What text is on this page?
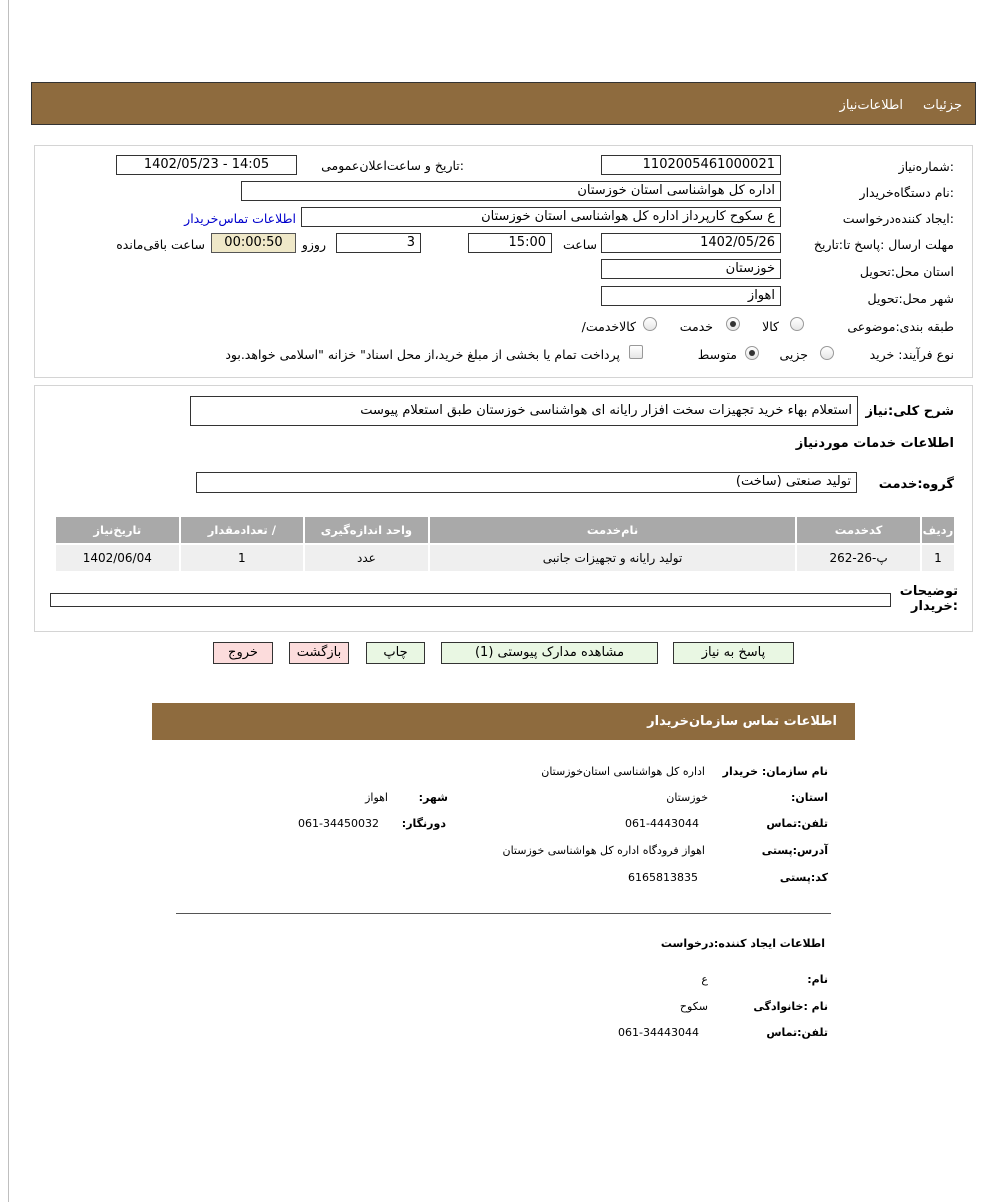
جزئیات
اطلاعات‌نیاز
شماره‌نیاز:
1102005461000021
تاریخ و ساعت‌اعلان‌عمومی:
1402/05/23 - 14:05
نام دستگاه‌خریدار:
اداره کل هواشناسی استان خوزستان
ایجاد کننده‌درخواست:
ع سکوح کارپرداز اداره کل هواشناسی استان خوزستان
اطلاعات تماس‌خریدار
مهلت ارسال :پاسخ تا:تاریخ
1402/05/26
ساعت
15:00
3
روزو
00:00:50
ساعت باقی‌مانده
استان محل:تحویل
خوزستان
شهر محل:تحویل
اهواز
طبقه بندی:موضوعی
کالا
خدمت
/کالاخدمت
نوع فرآیند: خرید
جزیی
متوسط
پرداخت تمام یا بخشی از مبلغ خرید،از محل اسناد" خزانه "اسلامی خواهد.بود
شرح کلی:نیاز
استعلام بهاء خرید تجهیزات سخت افزار رایانه ای هواشناسی خوزستان طبق استعلام پیوست
اطلاعات خدمات موردنیاز
گروه:خدمت
تولید صنعتی (ساخت)
ردیف	کدخدمت	نام‌خدمت	واحد اندازه‌گیری	/ تعدادمقدار	تاریخ‌نیاز
1	پ-26-262	تولید رایانه و تجهیزات جانبی	عدد	1	1402/06/04
توضیحات :خریدار
پاسخ به نیاز
مشاهده مدارک پیوستی (1)
چاپ
بازگشت
خروج
اطلاعات تماس سازمان‌خریدار
نام سازمان: خریدار
اداره کل هواشناسی استان‌خوزستان
:استان
خوزستان
:شهر
اهواز
تلفن:تماس
061-4443044
:دورنگار
061-34450032
آدرس:پستی
اهواز فرودگاه اداره کل هواشناسی خوزستان
کد:پستی
6165813835
اطلاعات ایجاد کننده:درخواست
:نام
ع
نام :خانوادگی
سکوح
تلفن:تماس
061-34443044
